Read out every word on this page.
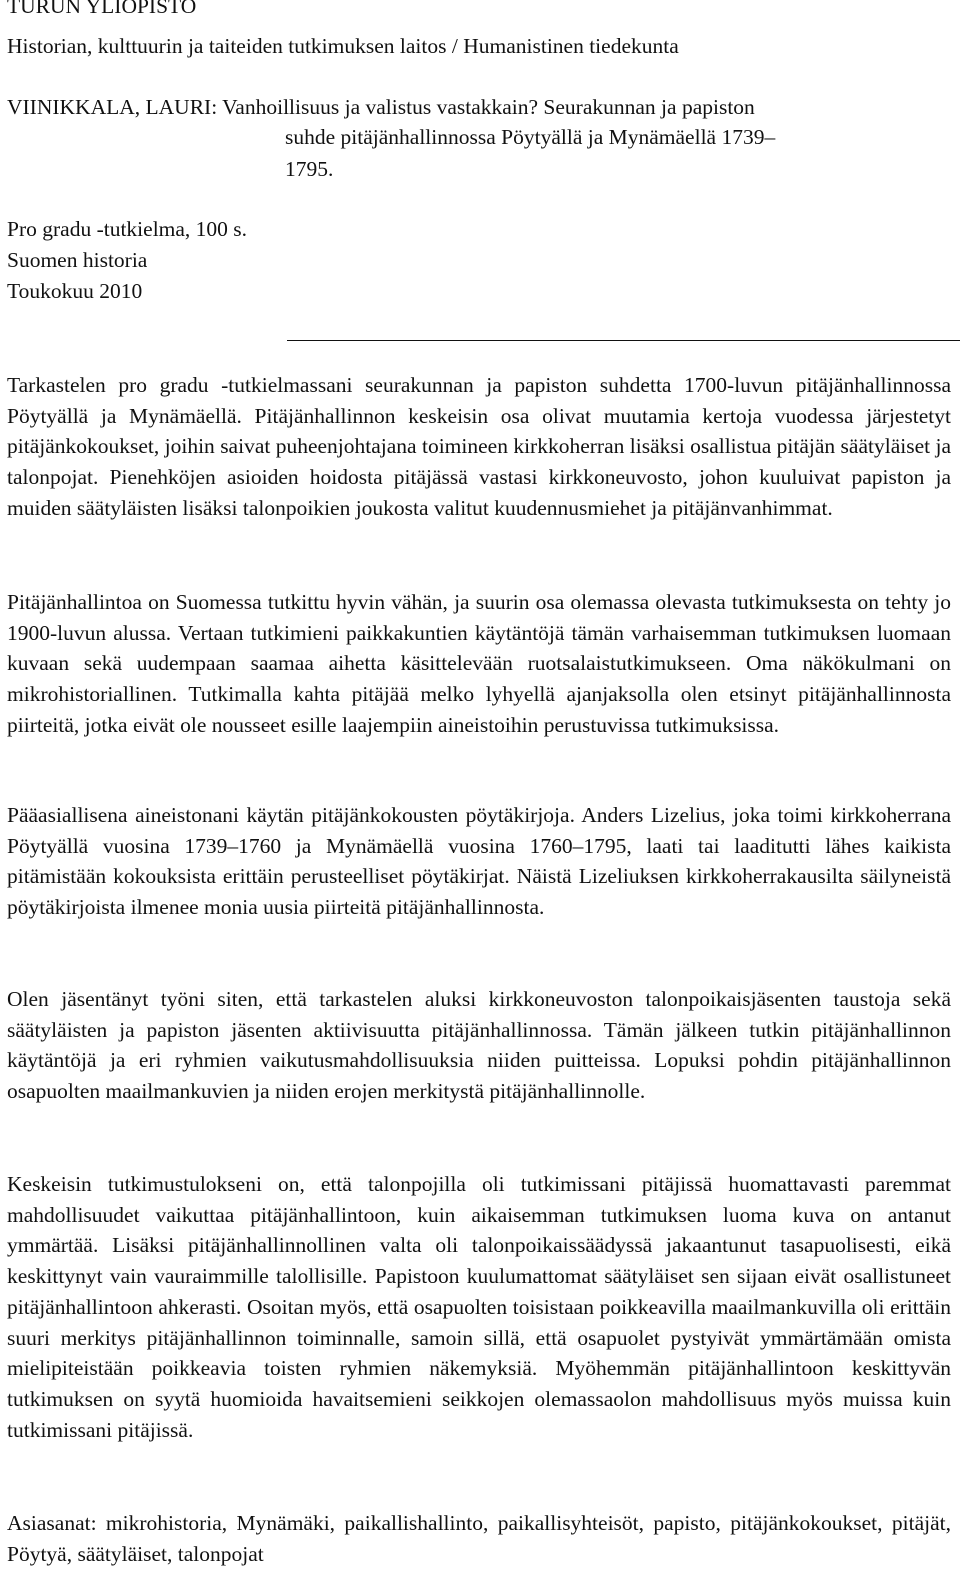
TURUN YLIOPISTO
Historian, kulttuurin ja taiteiden tutkimuksen laitos / Humanistinen tiedekunta
VIINIKKALA, LAURI: Vanhoillisuus ja valistus vastakkain? Seurakunnan ja papiston
suhde pitäjänhallinnossa Pöytyällä ja Mynämäellä 1739–
1795.
Pro gradu -tutkielma, 100 s.
Suomen historia
Toukokuu 2010

Tarkastelen pro gradu -tutkielmassani seurakunnan ja papiston suhdetta 1700-luvun pitäjänhallinnossa Pöytyällä ja Mynämäellä. Pitäjänhallinnon keskeisin osa olivat muutamia kertoja vuodessa järjestetyt pitäjänkokoukset, joihin saivat puheenjohtajana toimineen kirkkoherran lisäksi osallistua pitäjän säätyläiset ja talonpojat. Pienehköjen asioiden hoidosta pitäjässä vastasi kirkkoneuvosto, johon kuuluivat papiston ja muiden säätyläisten lisäksi talonpoikien joukosta valitut kuudennusmiehet ja pitäjänvanhimmat.

Pitäjänhallintoa on Suomessa tutkittu hyvin vähän, ja suurin osa olemassa olevasta tutkimuksesta on tehty jo 1900-luvun alussa. Vertaan tutkimieni paikkakuntien käytäntöjä tämän varhaisemman tutkimuksen luomaan kuvaan sekä uudempaan saamaa aihetta käsittelevään ruotsalaistutkimukseen. Oma näkökulmani on mikrohistoriallinen. Tutkimalla kahta pitäjää melko lyhyellä ajanjaksolla olen etsinyt pitäjänhallinnosta piirteitä, jotka eivät ole nousseet esille laajempiin aineistoihin perustuvissa tutkimuksissa.

Pääasiallisena aineistonani käytän pitäjänkokousten pöytäkirjoja. Anders Lizelius, joka toimi kirkkoherrana Pöytyällä vuosina 1739–1760 ja Mynämäellä vuosina 1760–1795, laati tai laaditutti lähes kaikista pitämistään kokouksista erittäin perusteelliset pöytäkirjat. Näistä Lizeliuksen kirkkoherrakausilta säilyneistä pöytäkirjoista ilmenee monia uusia piirteitä pitäjänhallinnosta.

Olen jäsentänyt työni siten, että tarkastelen aluksi kirkkoneuvoston talonpoikaisjäsenten taustoja sekä säätyläisten ja papiston jäsenten aktiivisuutta pitäjänhallinnossa. Tämän jälkeen tutkin pitäjänhallinnon käytäntöjä ja eri ryhmien vaikutusmahdollisuuksia niiden puitteissa. Lopuksi pohdin pitäjänhallinnon osapuolten maailmankuvien ja niiden erojen merkitystä pitäjänhallinnolle.

Keskeisin tutkimustulokseni on, että talonpojilla oli tutkimissani pitäjissä huomattavasti paremmat mahdollisuudet vaikuttaa pitäjänhallintoon, kuin aikaisemman tutkimuksen luoma kuva on antanut ymmärtää. Lisäksi pitäjänhallinnollinen valta oli talonpoikaissäädyssä jakaantunut tasapuolisesti, eikä keskittynyt vain vauraimmille talollisille. Papistoon kuulumattomat säätyläiset sen sijaan eivät osallistuneet pitäjänhallintoon ahkerasti. Osoitan myös, että osapuolten toisistaan poikkeavilla maailmankuvilla oli erittäin suuri merkitys pitäjänhallinnon toiminnalle, samoin sillä, että osapuolet pystyivät ymmärtämään omista mielipiteistään poikkeavia toisten ryhmien näkemyksiä. Myöhemmän pitäjänhallintoon keskittyvän tutkimuksen on syytä huomioida havaitsemieni seikkojen olemassaolon mahdollisuus myös muissa kuin tutkimissani pitäjissä.

Asiasanat: mikrohistoria, Mynämäki, paikallishallinto, paikallisyhteisöt, papisto, pitäjänkokoukset, pitäjät, Pöytyä, säätyläiset, talonpojat
